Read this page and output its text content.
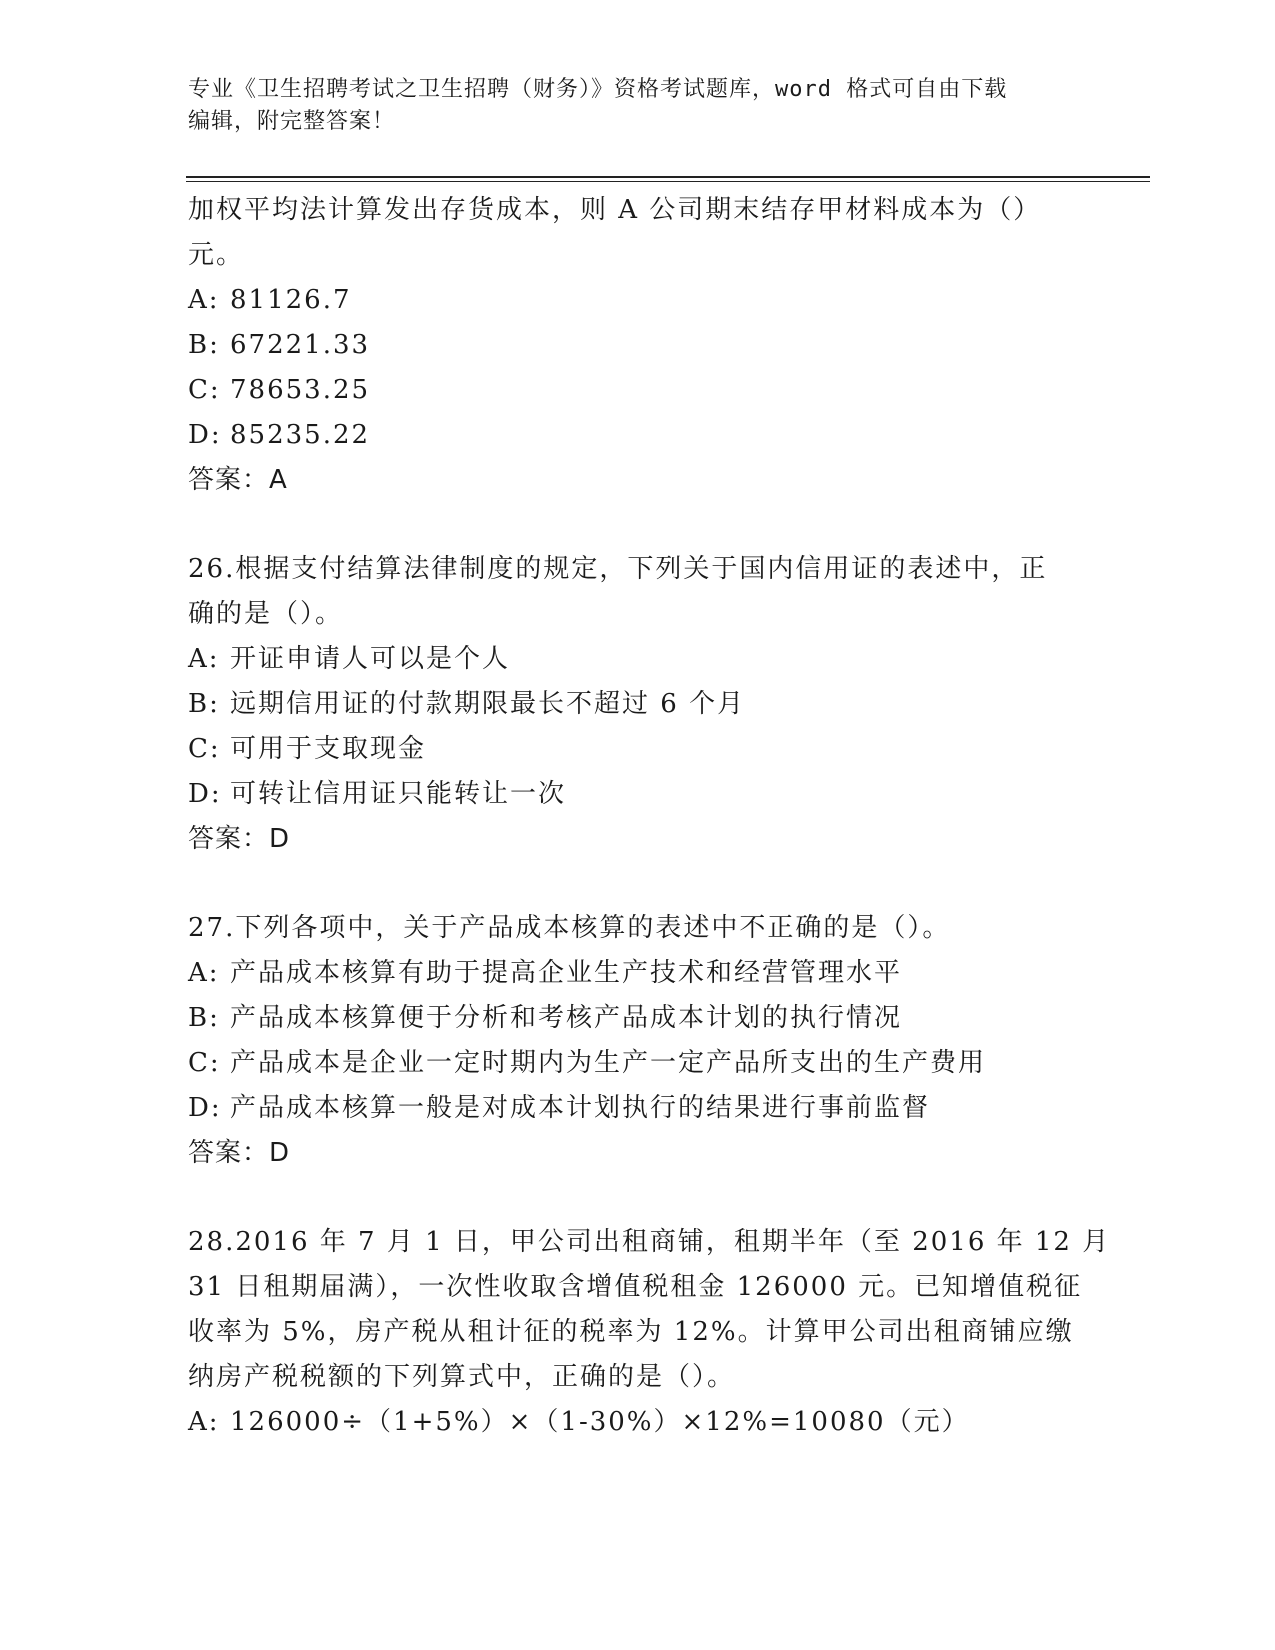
专业《卫生招聘考试之卫生招聘（财务）》资格考试题库，word 格式可自由下载
编辑，附完整答案！
加权平均法计算发出存货成本，则 A 公司期末结存甲材料成本为（）
元。
A: 81126.7
B: 67221.33
C: 78653.25
D: 85235.22
答案：A
26.根据支付结算法律制度的规定，下列关于国内信用证的表述中，正
确的是（）。
A: 开证申请人可以是个人
B: 远期信用证的付款期限最长不超过 6 个月
C: 可用于支取现金
D: 可转让信用证只能转让一次
答案：D
27.下列各项中，关于产品成本核算的表述中不正确的是（）。
A: 产品成本核算有助于提高企业生产技术和经营管理水平
B: 产品成本核算便于分析和考核产品成本计划的执行情况
C: 产品成本是企业一定时期内为生产一定产品所支出的生产费用
D: 产品成本核算一般是对成本计划执行的结果进行事前监督
答案：D
28.2016 年 7 月 1 日，甲公司出租商铺，租期半年（至 2016 年 12 月
31 日租期届满），一次性收取含增值税租金 126000 元。已知增值税征
收率为 5%，房产税从租计征的税率为 12%。计算甲公司出租商铺应缴
纳房产税税额的下列算式中，正确的是（）。
A: 126000÷（1+5%）×（1-30%）×12%=10080（元）
